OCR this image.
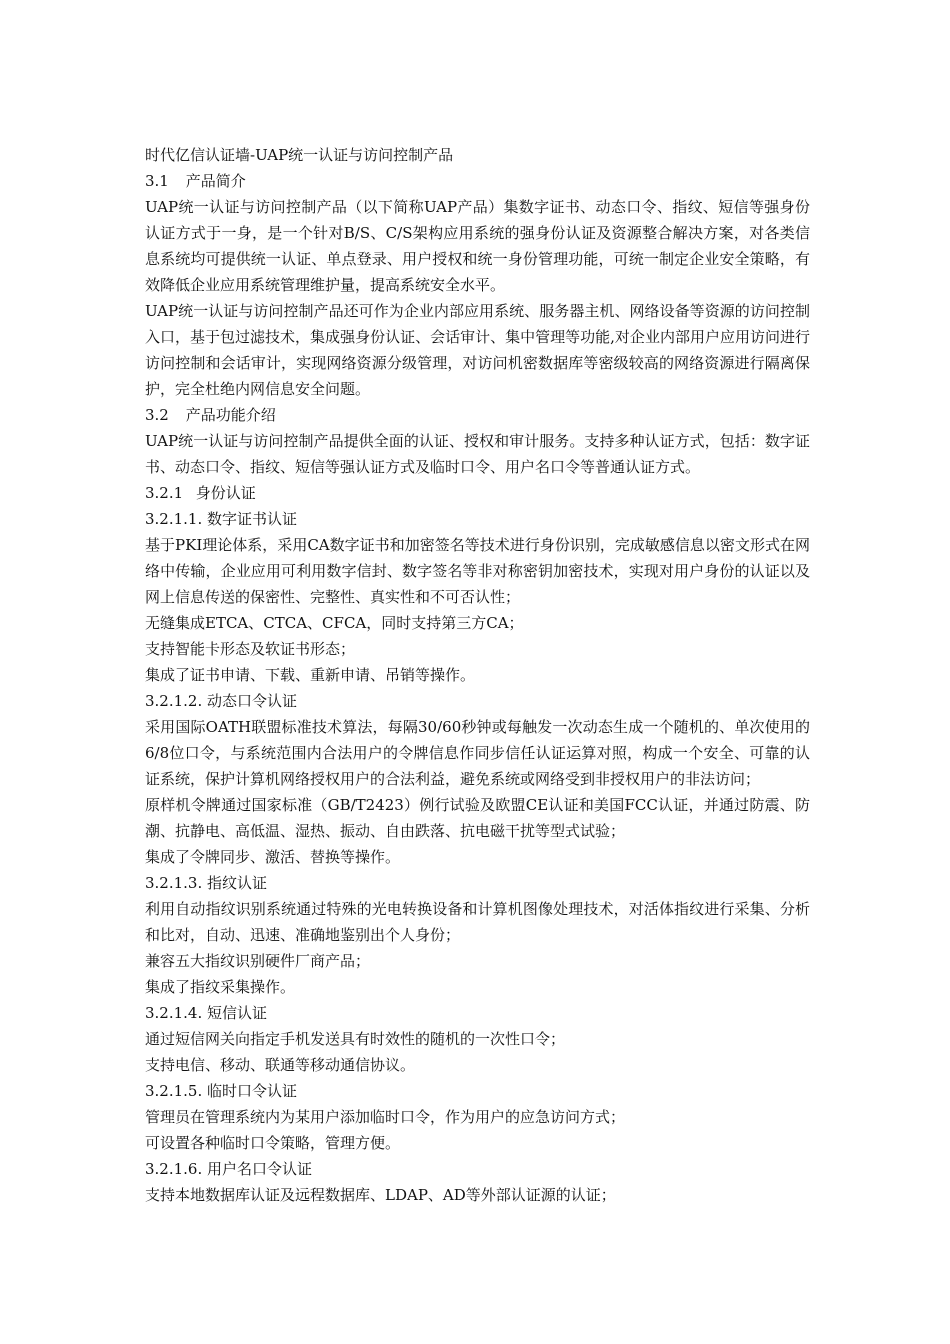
时代亿信认证墙-UAP统一认证与访问控制产品

3.1 产品简介

UAP统一认证与访问控制产品（以下简称UAP产品）集数字证书、动态口令、指纹、短信等强身份认证方式于一身，是一个针对B/S、C/S架构应用系统的强身份认证及资源整合解决方案，对各类信息系统均可提供统一认证、单点登录、用户授权和统一身份管理功能，可统一制定企业安全策略，有效降低企业应用系统管理维护量，提高系统安全水平。

UAP统一认证与访问控制产品还可作为企业内部应用系统、服务器主机、网络设备等资源的访问控制入口，基于包过滤技术，集成强身份认证、会话审计、集中管理等功能,对企业内部用户应用访问进行访问控制和会话审计，实现网络资源分级管理，对访问机密数据库等密级较高的网络资源进行隔离保护，完全杜绝内网信息安全问题。

3.2 产品功能介绍

UAP统一认证与访问控制产品提供全面的认证、授权和审计服务。支持多种认证方式，包括：数字证书、动态口令、指纹、短信等强认证方式及临时口令、用户名口令等普通认证方式。

3.2.1 身份认证

3.2.1.1. 数字证书认证

基于PKI理论体系，采用CA数字证书和加密签名等技术进行身份识别，完成敏感信息以密文形式在网络中传输，企业应用可利用数字信封、数字签名等非对称密钥加密技术，实现对用户身份的认证以及网上信息传送的保密性、完整性、真实性和不可否认性；

无缝集成ETCA、CTCA、CFCA，同时支持第三方CA；

支持智能卡形态及软证书形态；

集成了证书申请、下载、重新申请、吊销等操作。

3.2.1.2. 动态口令认证

采用国际OATH联盟标准技术算法，每隔30/60秒钟或每触发一次动态生成一个随机的、单次使用的6/8位口令，与系统范围内合法用户的令牌信息作同步信任认证运算对照，构成一个安全、可靠的认证系统，保护计算机网络授权用户的合法利益，避免系统或网络受到非授权用户的非法访问；

原样机令牌通过国家标准（GB/T2423）例行试验及欧盟CE认证和美国FCC认证，并通过防震、防潮、抗静电、高低温、湿热、振动、自由跌落、抗电磁干扰等型式试验；

集成了令牌同步、激活、替换等操作。

3.2.1.3. 指纹认证

利用自动指纹识别系统通过特殊的光电转换设备和计算机图像处理技术，对活体指纹进行采集、分析和比对，自动、迅速、准确地鉴别出个人身份；

兼容五大指纹识别硬件厂商产品；

集成了指纹采集操作。

3.2.1.4. 短信认证

通过短信网关向指定手机发送具有时效性的随机的一次性口令；

支持电信、移动、联通等移动通信协议。

3.2.1.5. 临时口令认证

管理员在管理系统内为某用户添加临时口令，作为用户的应急访问方式；

可设置各种临时口令策略，管理方便。

3.2.1.6. 用户名口令认证

支持本地数据库认证及远程数据库、LDAP、AD等外部认证源的认证；
